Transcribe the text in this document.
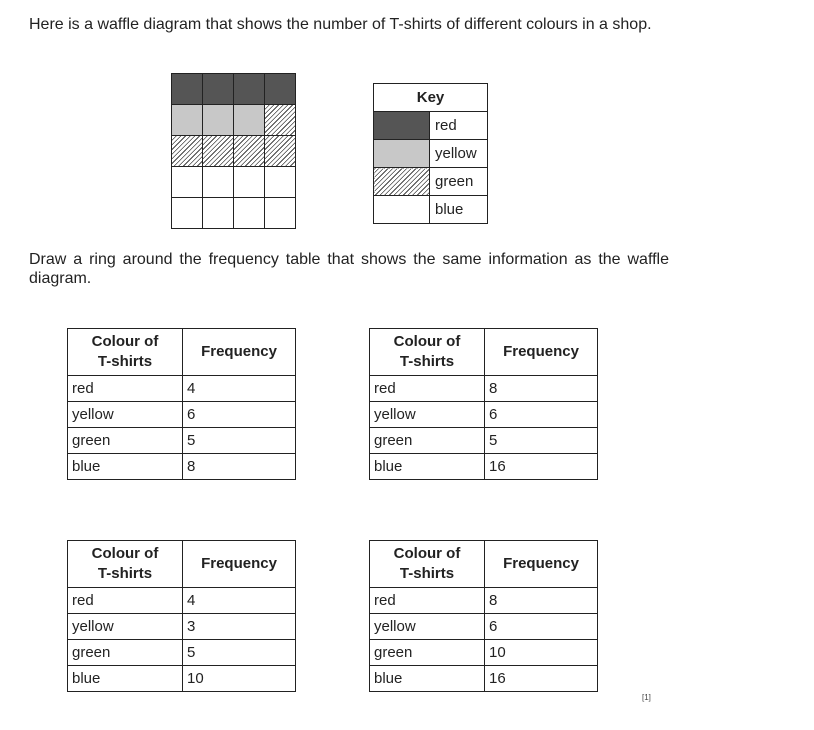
Here is a waffle diagram that shows the number of T-shirts of different colours in a shop.

Key	
	red
	yellow
	green
	blue

Draw a ring around the frequency table that shows the same information as the waffle diagram.

Colour of T-shirts	Frequency
red	4
yellow	6
green	5
blue	8
Colour of T-shirts	Frequency
red	8
yellow	6
green	5
blue	16
Colour of T-shirts	Frequency
red	4
yellow	3
green	5
blue	10
Colour of T-shirts	Frequency
red	8
yellow	6
green	10
blue	16
[1]
